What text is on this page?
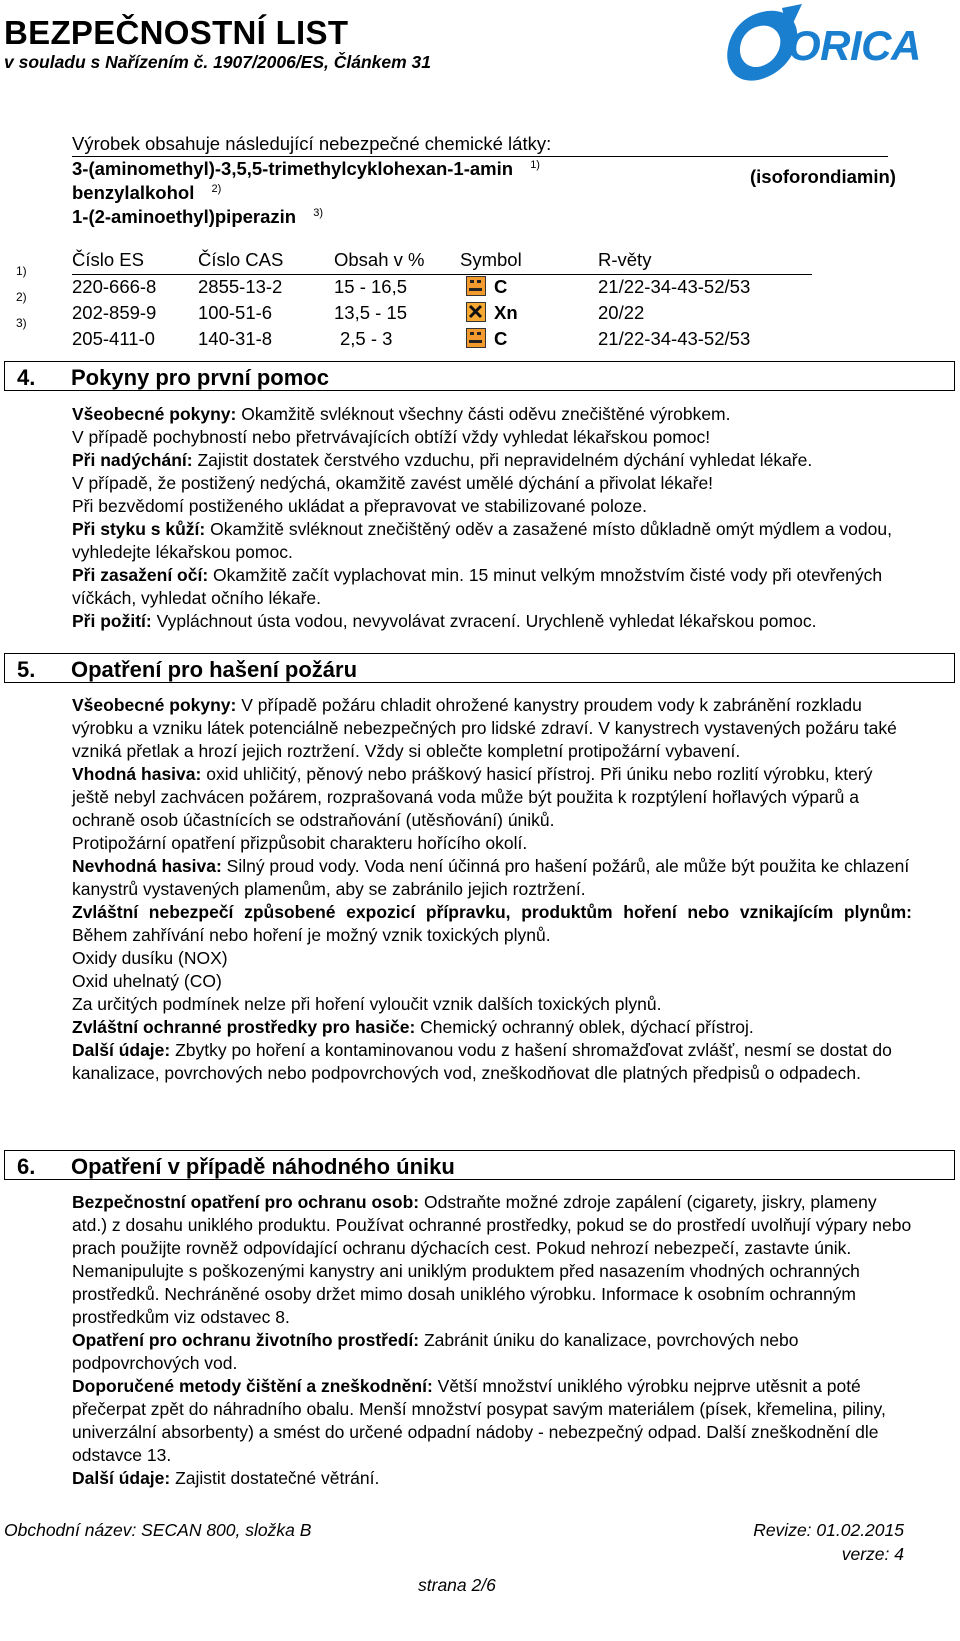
BEZPEČNOSTNÍ LIST
v souladu s Nařízením č. 1907/2006/ES, Článkem 31	ORICA
Výrobek obsahuje následující nebezpečné chemické látky:
3-(aminomethyl)-3,5,5-trimethylcyklohexan-1-amin $^{1)}$
(isoforondiamin)
benzylalkohol $^{2)}$
1-(2-aminoethyl)piperazin $^{3)}$
Číslo ES	Číslo CAS	Obsah v % Symbol	R-věty
1)
220-666-8 2855-13-2	15 - 16,5	C	21/22-34-43-52/53
2)
202-859-9 100-51-6	13,5 - 15	Xn	20/22
3)
205-411-0 140-31-8	2,5 - 3	C	21/22-34-43-52/53
4. Pokyny pro první pomoc

Všeobecné pokyny: Okamžitě svléknout všechny části oděvu znečištěné výrobkem.

V případě pochybností nebo přetrvávajících obtíží vždy vyhledat lékařskou pomoc!

Při nadýchání: Zajistit dostatek čerstvého vzduchu, při nepravidelném dýchání vyhledat lékaře.

V případě, že postižený nedýchá, okamžitě zavést umělé dýchání a přivolat lékaře!

Při bezvědomí postiženého ukládat a přepravovat ve stabilizované poloze.

Při styku s kůží: Okamžitě svléknout znečištěný oděv a zasažené místo důkladně omýt mýdlem a vodou, vyhledejte lékařskou pomoc.

Při zasažení očí: Okamžitě začít vyplachovat min. 15 minut velkým množstvím čisté vody při otevřených víčkách, vyhledat očního lékaře.

Při požití: Vypláchnout ústa vodou, nevyvolávat zvracení. Urychleně vyhledat lékařskou pomoc.

5. Opatření pro hašení požáru

Všeobecné pokyny: V případě požáru chladit ohrožené kanystry proudem vody k zabránění rozkladu výrobku a vzniku látek potenciálně nebezpečných pro lidské zdraví. V kanystrech vystavených požáru také vzniká přetlak a hrozí jejich roztržení. Vždy si oblečte kompletní protipožární vybavení.

Vhodná hasiva: oxid uhličitý, pěnový nebo práškový hasicí přístroj. Při úniku nebo rozlití výrobku, který ještě nebyl zachvácen požárem, rozprašovaná voda může být použita k rozptýlení hořlavých výparů a ochraně osob účastnících se odstraňování (utěsňování) úniků.

Protipožární opatření přizpůsobit charakteru hořícího okolí.

Nevhodná hasiva: Silný proud vody. Voda není účinná pro hašení požárů, ale může být použita ke chlazení kanystrů vystavených plamenům, aby se zabránilo jejich roztržení.

Zvláštní nebezpečí způsobené expozicí přípravku, produktům hoření nebo vznikajícím plynům: Během zahřívání nebo hoření je možný vznik toxických plynů.

Oxidy dusíku (NOX)

Oxid uhelnatý (CO)

Za určitých podmínek nelze při hoření vyloučit vznik dalších toxických plynů.

Zvláštní ochranné prostředky pro hasiče: Chemický ochranný oblek, dýchací přístroj.

Další údaje: Zbytky po hoření a kontaminovanou vodu z hašení shromažďovat zvlášť, nesmí se dostat do kanalizace, povrchových nebo podpovrchových vod, zneškodňovat dle platných předpisů o odpadech.

6. Opatření v případě náhodného úniku

Bezpečnostní opatření pro ochranu osob: Odstraňte možné zdroje zapálení (cigarety, jiskry, plameny atd.) z dosahu uniklého produktu. Používat ochranné prostředky, pokud se do prostředí uvolňují výpary nebo prach použijte rovněž odpovídající ochranu dýchacích cest. Pokud nehrozí nebezpečí, zastavte únik. Nemanipulujte s poškozenými kanystry ani uniklým produktem před nasazením vhodných ochranných prostředků. Nechráněné osoby držet mimo dosah uniklého výrobku. Informace k osobním ochranným prostředkům viz odstavec 8.

Opatření pro ochranu životního prostředí: Zabránit úniku do kanalizace, povrchových nebo podpovrchových vod.

Doporučené metody čištění a zneškodnění: Větší množství uniklého výrobku nejprve utěsnit a poté přečerpat zpět do náhradního obalu. Menší množství posypat savým materiálem (písek, křemelina, piliny, univerzální absorbenty) a smést do určené odpadní nádoby - nebezpečný odpad. Další zneškodnění dle odstavce 13.

Další údaje: Zajistit dostatečné větrání.

Obchodní název: SECAN 800, složka B	Revize: 01.02.2015
verze: 4
strana 2/6
